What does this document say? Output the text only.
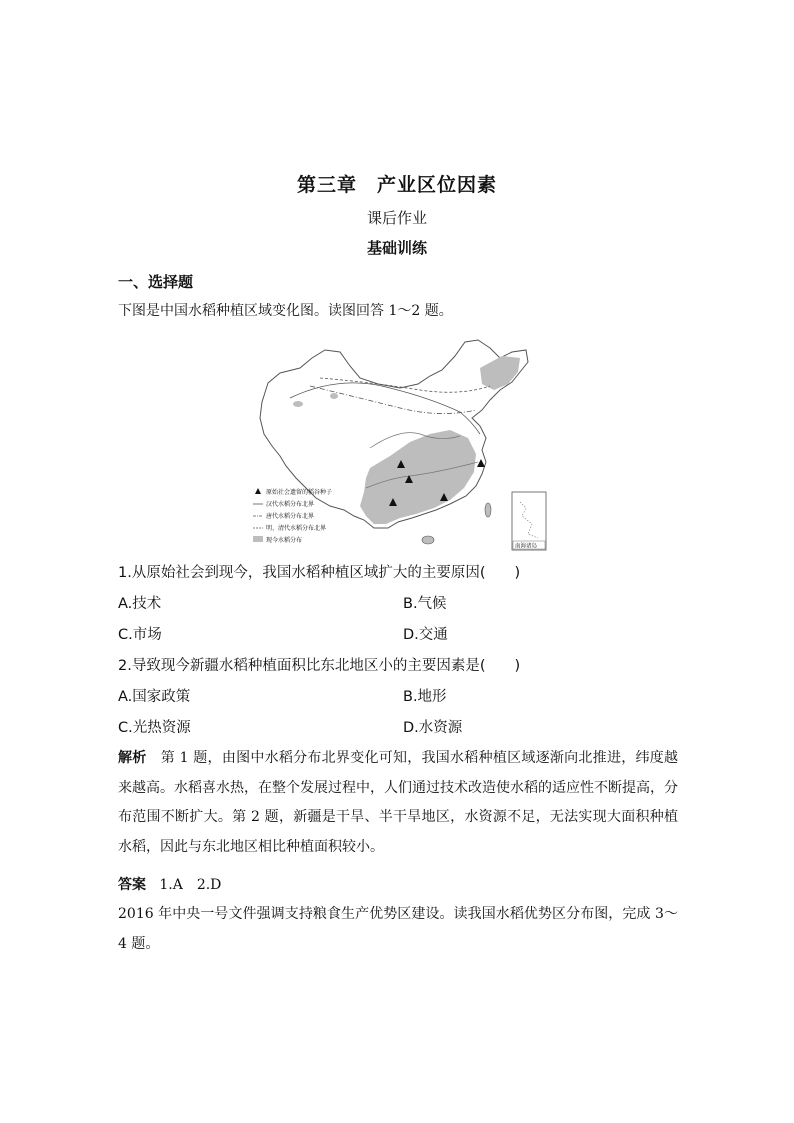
第三章　产业区位因素
课后作业
基础训练
一、选择题
下图是中国水稻种植区域变化图。读图回答 1～2 题。
原始社会遗留的稻谷种子
汉代水稻分布北界
唐代水稻分布北界
明、清代水稻分布北界
现今水稻分布
南海诸岛
1.从原始社会到现今，我国水稻种植区域扩大的主要原因(　　)
A.技术	B.气候
C.市场	D.交通
2.导致现今新疆水稻种植面积比东北地区小的主要因素是(　　)
A.国家政策	B.地形
C.光热资源	D.水资源
解析 第 1 题，由图中水稻分布北界变化可知，我国水稻种植区域逐渐向北推进，纬度越来越高。水稻喜水热，在整个发展过程中，人们通过技术改造使水稻的适应性不断提高，分布范围不断扩大。第 2 题，新疆是干旱、半干旱地区，水资源不足，无法实现大面积种植水稻，因此与东北地区相比种植面积较小。
答案 1.A　2.D
2016 年中央一号文件强调支持粮食生产优势区建设。读我国水稻优势区分布图，完成 3～4 题。
